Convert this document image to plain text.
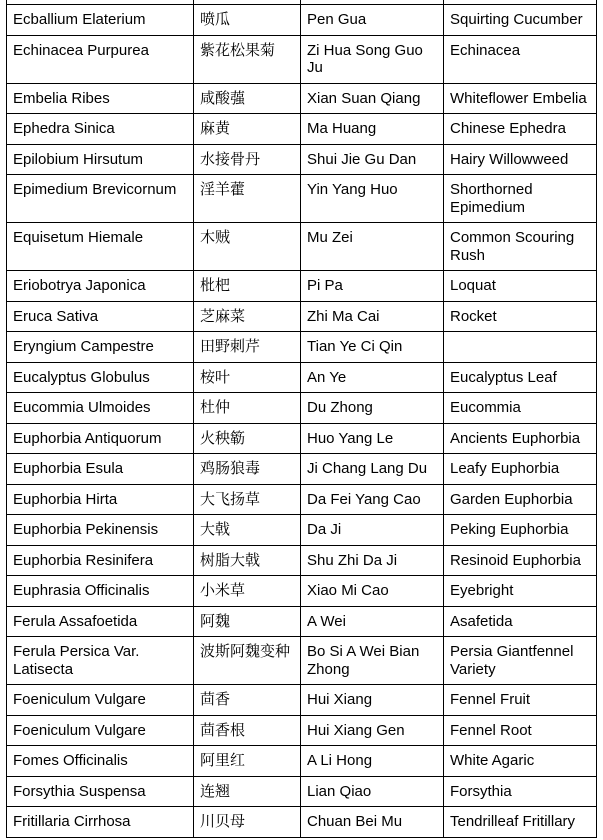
Ecballium Elaterium	喷瓜	Pen Gua	Squirting Cucumber
Echinacea Purpurea	紫花松果菊	Zi Hua Song Guo Ju	Echinacea
Embelia Ribes	咸酸蔃	Xian Suan Qiang	Whiteflower Embelia
Ephedra Sinica	麻黄	Ma Huang	Chinese Ephedra
Epilobium Hirsutum	水接骨丹	Shui Jie Gu Dan	Hairy Willowweed
Epimedium Brevicornum	淫羊藿	Yin Yang Huo	Shorthorned Epimedium
Equisetum Hiemale	木贼	Mu Zei	Common Scouring Rush
Eriobotrya Japonica	枇杷	Pi Pa	Loquat
Eruca Sativa	芝麻菜	Zhi Ma Cai	Rocket
Eryngium Campestre	田野刺芹	Tian Ye Ci Qin	
Eucalyptus Globulus	桉叶	An Ye	Eucalyptus Leaf
Eucommia Ulmoides	杜仲	Du Zhong	Eucommia
Euphorbia Antiquorum	火秧簕	Huo Yang Le	Ancients Euphorbia
Euphorbia Esula	鸡肠狼毒	Ji Chang Lang Du	Leafy Euphorbia
Euphorbia Hirta	大飞扬草	Da Fei Yang Cao	Garden Euphorbia
Euphorbia Pekinensis	大戟	Da Ji	Peking Euphorbia
Euphorbia Resinifera	树脂大戟	Shu Zhi Da Ji	Resinoid Euphorbia
Euphrasia Officinalis	小米草	Xiao Mi Cao	Eyebright
Ferula Assafoetida	阿魏	A Wei	Asafetida
Ferula Persica Var. Latisecta	波斯阿魏变种	Bo Si A Wei Bian Zhong	Persia Giantfennel Variety
Foeniculum Vulgare	茴香	Hui Xiang	Fennel Fruit
Foeniculum Vulgare	茴香根	Hui Xiang Gen	Fennel Root
Fomes Officinalis	阿里红	A Li Hong	White Agaric
Forsythia Suspensa	连翘	Lian Qiao	Forsythia
Fritillaria Cirrhosa	川贝母	Chuan Bei Mu	Tendrilleaf Fritillary
